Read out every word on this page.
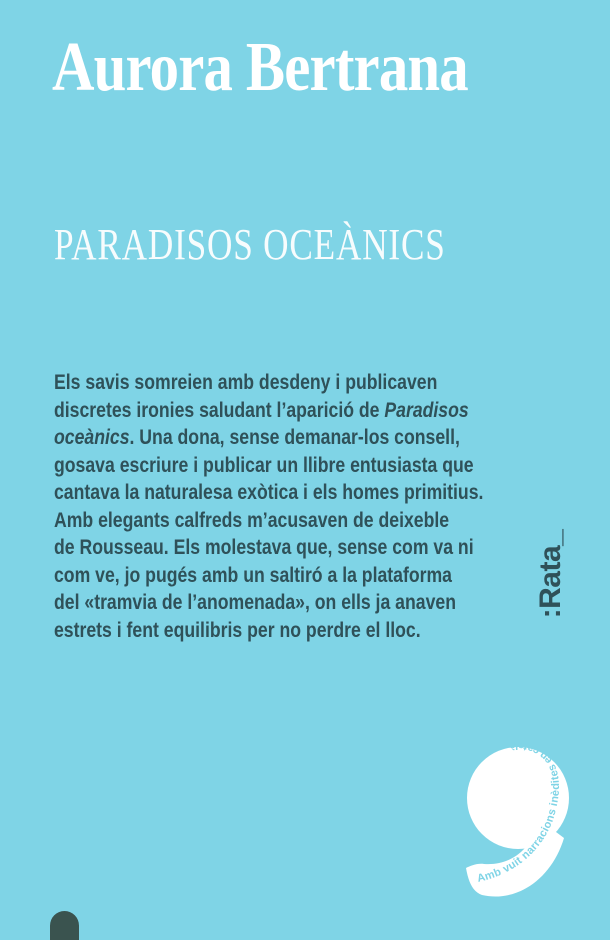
Aurora Bertrana
PARADISOS OCEÀNICS
Els savis somreien amb desdeny i publicaven
discretes ironies saludant l’aparició de Paradisos
oceànics. Una dona, sense demanar-los consell,
gosava escriure i publicar un llibre entusiasta que
cantava la naturalesa exòtica i els homes primitius.
Amb elegants calfreds m’acusaven de deixeble
de Rousseau. Els molestava que, sense com va ni
com ve, jo pugés amb un saltiró a la plataforma
del «tramvia de l’anomenada», on ells ja anaven
estrets i fent equilibris per no perdre el lloc.
:Rata_
Amb vuit narracions inèdites en català
